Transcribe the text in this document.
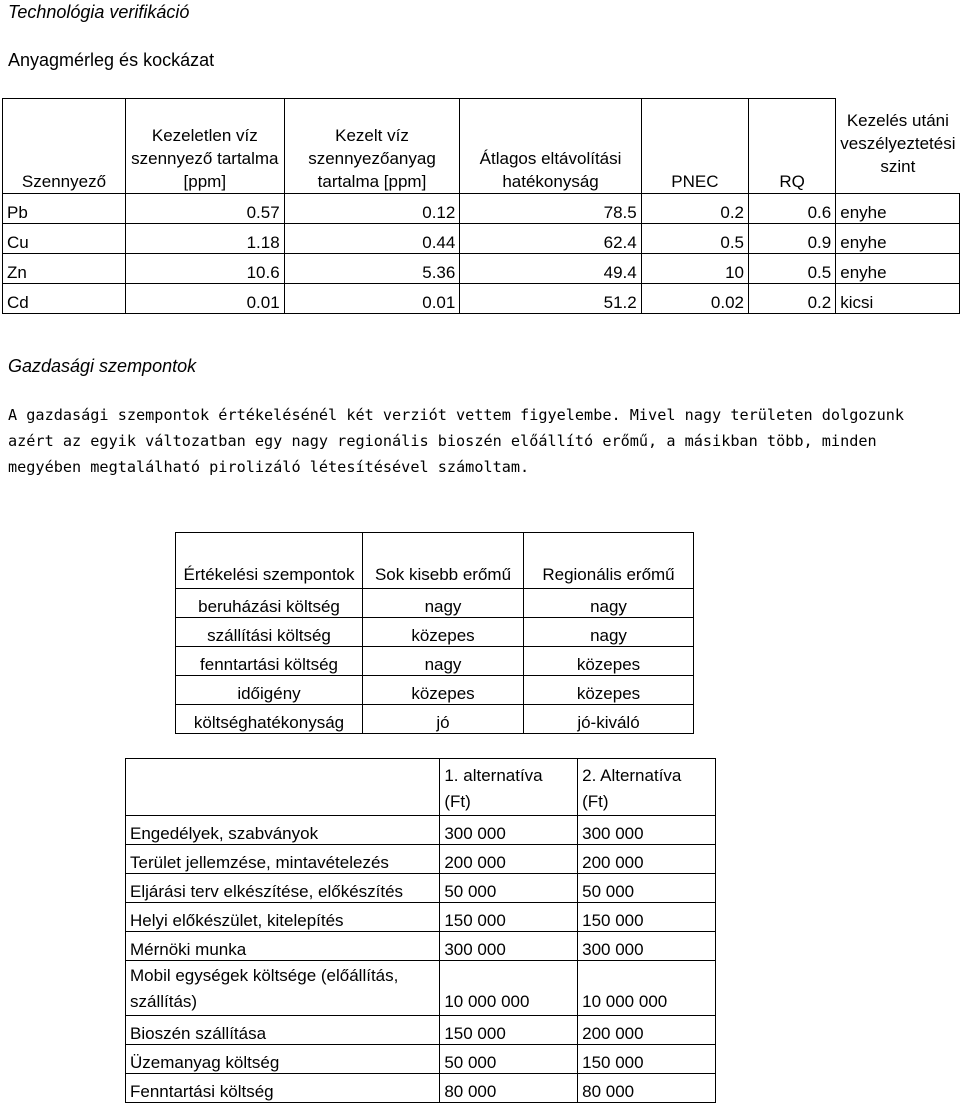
Technológia verifikáció
Anyagmérleg és kockázat
Szennyező	Kezeletlen víz szennyező tartalma [ppm]	Kezelt víz szennyezőanyag tartalma [ppm]	Átlagos eltávolítási hatékonyság	PNEC	RQ	Kezelés utáni veszélyeztetési szint
Pb	0.57	0.12	78.5	0.2	0.6	enyhe
Cu	1.18	0.44	62.4	0.5	0.9	enyhe
Zn	10.6	5.36	49.4	10	0.5	enyhe
Cd	0.01	0.01	51.2	0.02	0.2	kicsi
Gazdasági szempontok
A gazdasági szempontok értékelésénél két verziót vettem figyelembe. Mivel nagy területen dolgozunk azért az egyik változatban egy nagy regionális bioszén előállító erőmű, a másikban több, minden megyében megtalálható pirolizáló létesítésével számoltam.
Értékelési szempontok	Sok kisebb erőmű	Regionális erőmű
beruházási költség	nagy	nagy
szállítási költség	közepes	nagy
fenntartási költség	nagy	közepes
időigény	közepes	közepes
költséghatékonyság	jó	jó-kiváló
	1. alternatíva (Ft)	2. Alternatíva (Ft)
Engedélyek, szabványok	300 000	300 000
Terület jellemzése, mintavételezés	200 000	200 000
Eljárási terv elkészítése, előkészítés	50 000	50 000
Helyi előkészület, kitelepítés	150 000	150 000
Mérnöki munka	300 000	300 000
Mobil egységek költsége (előállítás, szállítás)	10 000 000	10 000 000
Bioszén szállítása	150 000	200 000
Üzemanyag költség	50 000	150 000
Fenntartási költség	80 000	80 000
